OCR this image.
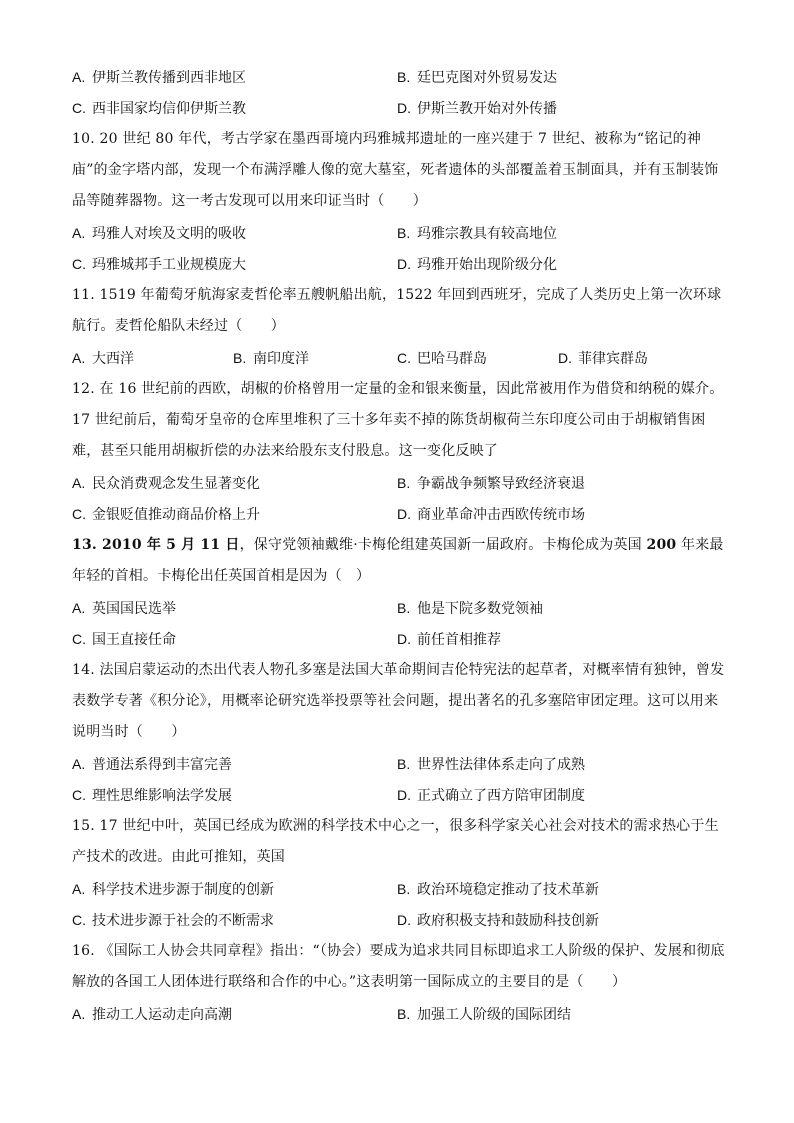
A. 伊斯兰教传播到西非地区	B. 廷巴克图对外贸易发达
C. 西非国家均信仰伊斯兰教	D. 伊斯兰教开始对外传播
10. 20 世纪 80 年代，考古学家在墨西哥境内玛雅城邦遗址的一座兴建于 7 世纪、被称为“铭记的神庙”的金字塔内部，发现一个布满浮雕人像的宽大墓室，死者遗体的头部覆盖着玉制面具，并有玉制装饰品等随葬器物。这一考古发现可以用来印证当时（　　）
A. 玛雅人对埃及文明的吸收	B. 玛雅宗教具有较高地位
C. 玛雅城邦手工业规模庞大	D. 玛雅开始出现阶级分化
11. 1519 年葡萄牙航海家麦哲伦率五艘帆船出航，1522 年回到西班牙，完成了人类历史上第一次环球航行。麦哲伦船队未经过（　　）
A. 大西洋	B. 南印度洋	C. 巴哈马群岛	D. 菲律宾群岛
12. 在 16 世纪前的西欧，胡椒的价格曾用一定量的金和银来衡量，因此常被用作为借贷和纳税的媒介。17 世纪前后，葡萄牙皇帝的仓库里堆积了三十多年卖不掉的陈货胡椒荷兰东印度公司由于胡椒销售困难，甚至只能用胡椒折偿的办法来给股东支付股息。这一变化反映了
A. 民众消费观念发生显著变化	B. 争霸战争频繁导致经济衰退
C. 金银贬值推动商品价格上升	D. 商业革命冲击西欧传统市场
13. 2010 年 5 月 11 日，保守党领袖戴维·卡梅伦组建英国新一届政府。卡梅伦成为英国 200 年来最年轻的首相。卡梅伦出任英国首相是因为（　）
A. 英国国民选举	B. 他是下院多数党领袖
C. 国王直接任命	D. 前任首相推荐
14. 法国启蒙运动的杰出代表人物孔多塞是法国大革命期间吉伦特宪法的起草者，对概率情有独钟，曾发表数学专著《积分论》，用概率论研究选举投票等社会问题，提出著名的孔多塞陪审团定理。这可以用来说明当时（　　）
A. 普通法系得到丰富完善	B. 世界性法律体系走向了成熟
C. 理性思维影响法学发展	D. 正式确立了西方陪审团制度
15. 17 世纪中叶，英国已经成为欧洲的科学技术中心之一，很多科学家关心社会对技术的需求热心于生产技术的改进。由此可推知，英国
A. 科学技术进步源于制度的创新	B. 政治环境稳定推动了技术革新
C. 技术进步源于社会的不断需求	D. 政府积极支持和鼓励科技创新
16. 《国际工人协会共同章程》指出：“（协会）要成为追求共同目标即追求工人阶级的保护、发展和彻底解放的各国工人团体进行联络和合作的中心。”这表明第一国际成立的主要目的是（　　）
A. 推动工人运动走向高潮	B. 加强工人阶级的国际团结
